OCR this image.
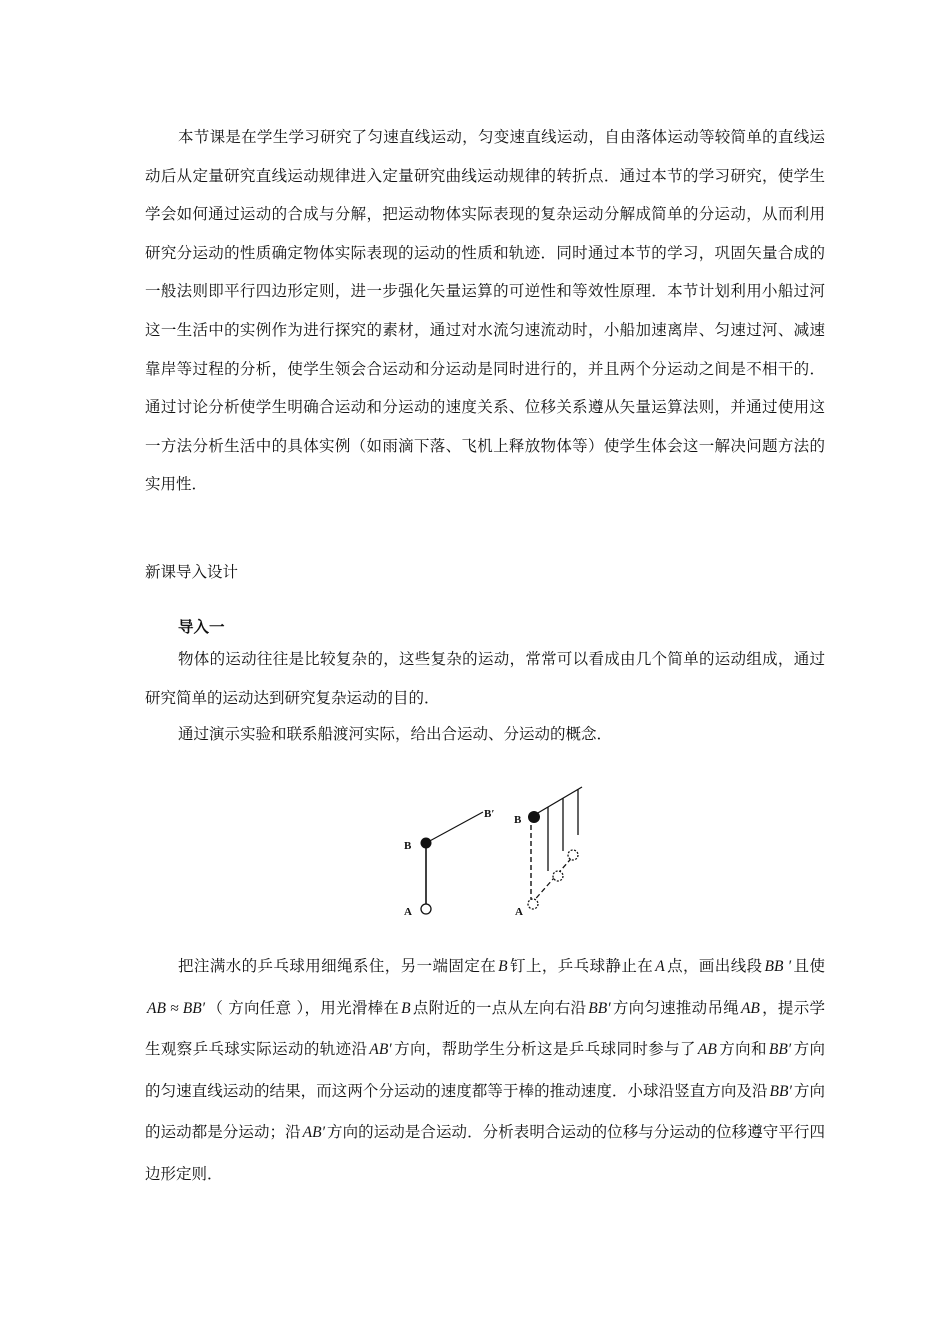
本节课是在学生学习研究了匀速直线运动，匀变速直线运动，自由落体运动等较简单的直线运动后从定量研究直线运动规律进入定量研究曲线运动规律的转折点．通过本节的学习研究，使学生学会如何通过运动的合成与分解，把运动物体实际表现的复杂运动分解成简单的分运动，从而利用研究分运动的性质确定物体实际表现的运动的性质和轨迹．同时通过本节的学习，巩固矢量合成的一般法则即平行四边形定则，进一步强化矢量运算的可逆性和等效性原理．本节计划利用小船过河这一生活中的实例作为进行探究的素材，通过对水流匀速流动时，小船加速离岸、匀速过河、减速靠岸等过程的分析，使学生领会合运动和分运动是同时进行的，并且两个分运动之间是不相干的．通过讨论分析使学生明确合运动和分运动的速度关系、位移关系遵从矢量运算法则，并通过使用这一方法分析生活中的具体实例（如雨滴下落、飞机上释放物体等）使学生体会这一解决问题方法的实用性．
新课导入设计
导入一
物体的运动往往是比较复杂的，这些复杂的运动，常常可以看成由几个简单的运动组成，通过研究简单的运动达到研究复杂运动的目的．
通过演示实验和联系船渡河实际，给出合运动、分运动的概念．
B
A
B′ B
A
把注满水的乒乓球用细绳系住，另一端固定在 B 钉上，乒乓球静止在 A 点，画出线段 BB ′ 且使AB ≈ BB′ （ 方向任意 ），用光滑棒在 B 点附近的一点从左向右沿 BB′ 方向匀速推动吊绳 AB ，提示学生观察乒乓球实际运动的轨迹沿 AB′ 方向，帮助学生分析这是乒乓球同时参与了 AB 方向和 BB′ 方向的匀速直线运动的结果，而这两个分运动的速度都等于棒的推动速度．小球沿竖直方向及沿 BB′ 方向的运动都是分运动；沿 AB′ 方向的运动是合运动．分析表明合运动的位移与分运动的位移遵守平行四边形定则．
